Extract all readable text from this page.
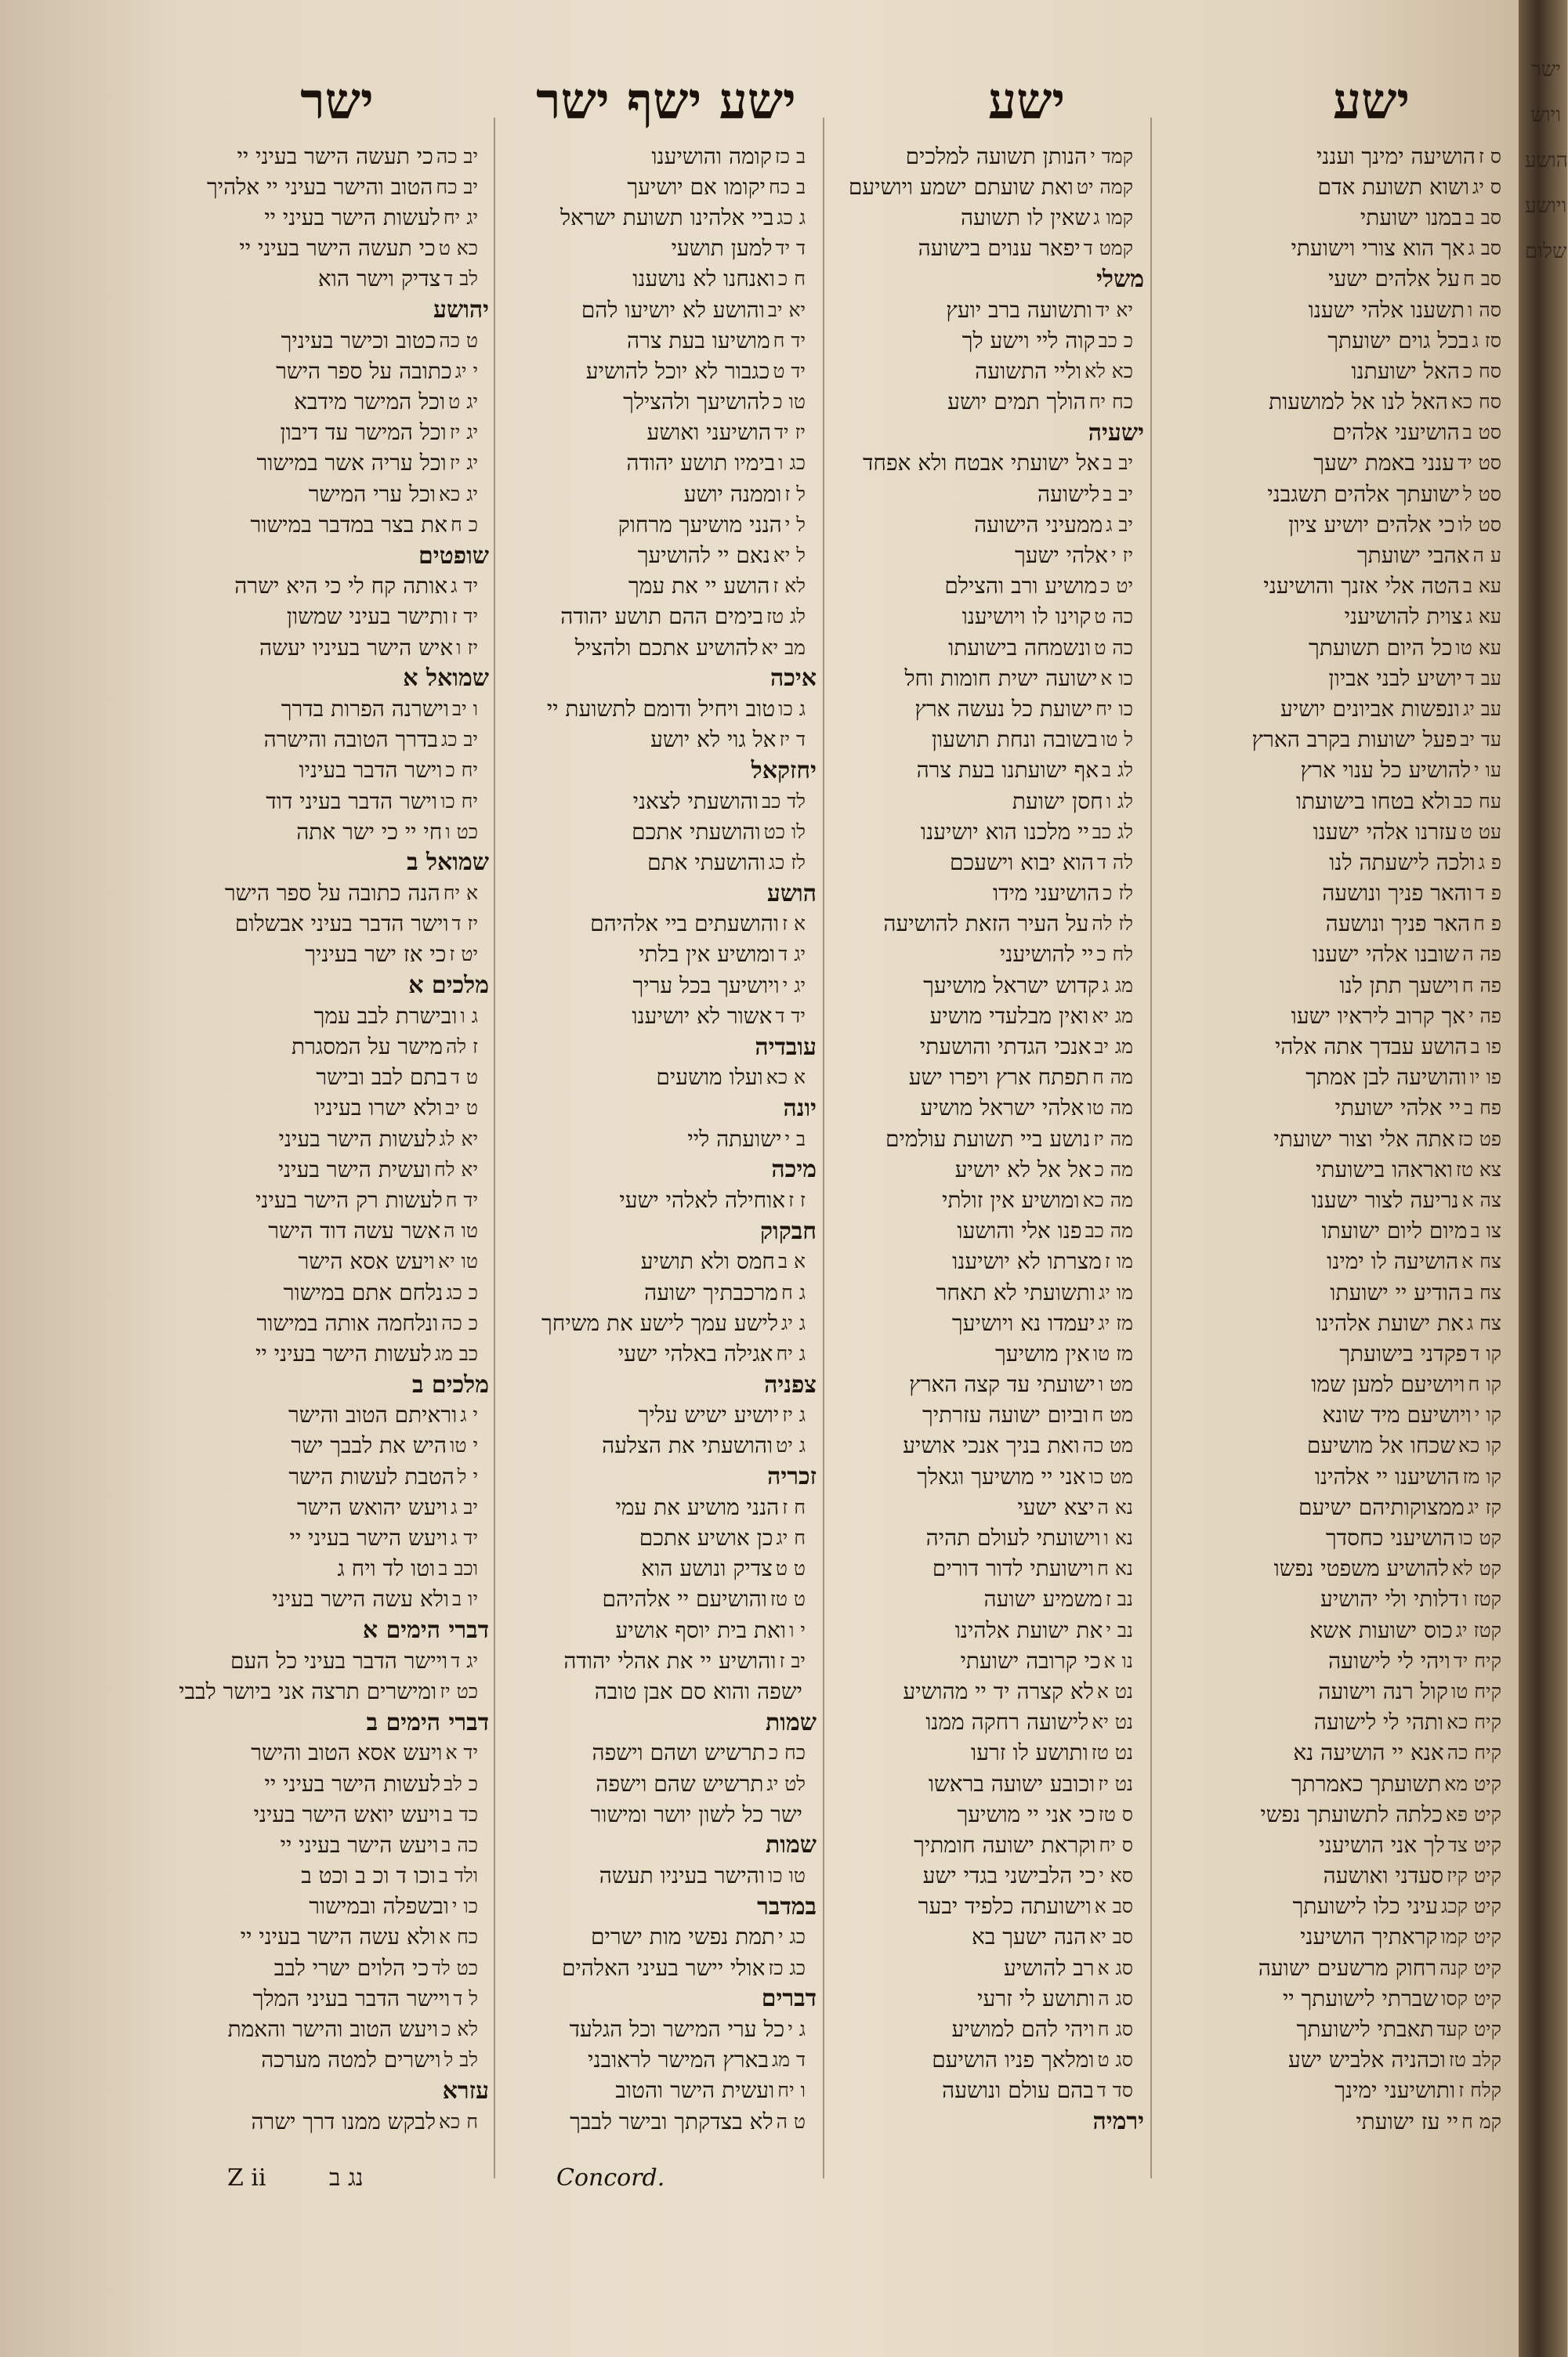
ישע
ישע
ישע ישף ישר
ישר
ס ז
הושיעה ימינך וענני
ס יג
ושוא תשועת אדם
סב ב
במנו ישועתי
סב ג
אך הוא צורי וישועתי
סב ח
על אלהים ישעי
סה ו
תשענו אלהי ישענו
סז ג
בכל גוים ישועתך
סח כ
האל ישועתנו
סח כא
האל לנו אל למושעות
סט ב
הושיעני אלהים
סט יד
ענני באמת ישעך
סט ל
ישועתך אלהים תשגבני
סט לו
כי אלהים יושיע ציון
ע ה
אהבי ישועתך
עא ב
הטה אלי אזנך והושיעני
עא ג
צוית להושיעני
עא טו
כל היום תשועתך
עב ד
יושיע לבני אביון
עב יג
ונפשות אביונים יושיע
עד יב
פעל ישועות בקרב הארץ
עו י
להושיע כל ענוי ארץ
עח כב
ולא בטחו בישועתו
עט ט
עזרנו אלהי ישענו
פ ג
ולכה לישעתה לנו
פ ד
והאר פניך ונושעה
פ ח
האר פניך ונושעה
פה ה
שובנו אלהי ישענו
פה ח
וישעך תתן לנו
פה י
אך קרוב ליראיו ישעו
פו ב
הושע עבדך אתה אלהי
פו יו
והושיעה לבן אמתך
פח ב
יי אלהי ישועתי
פט כז
אתה אלי וצור ישועתי
צא טז
ואראהו בישועתי
צה א
נריעה לצור ישענו
צו ב
מיום ליום ישועתו
צח א
הושיעה לו ימינו
צח ב
הודיע יי ישועתו
צח ג
את ישועת אלהינו
קו ד
פקדני בישועתך
קו ח
ויושיעם למען שמו
קו י
ויושיעם מיד שונא
קו כא
שכחו אל מושיעם
קו מז
הושיענו יי אלהינו
קז יג
ממצוקותיהם ישיעם
קט כו
הושיעני כחסדך
קט לא
להושיע משפטי נפשו
קטז ו
דלותי ולי יהושיע
קטז יג
כוס ישועות אשא
קיח יד
ויהי לי לישועה
קיח טו
קול רנה וישועה
קיח כא
ותהי לי לישועה
קיח כה
אנא יי הושיעה נא
קיט מא
תשועתך כאמרתך
קיט פא
כלתה לתשועתך נפשי
קיט צד
לך אני הושיעני
קיט קיז
סעדני ואושעה
קיט קכג
עיני כלו לישועתך
קיט קמו
קראתיך הושיעני
קיט קנה
רחוק מרשעים ישועה
קיט קסו
שברתי לישועתך יי
קיט קעד
תאבתי לישועתך
קלב טז
וכהניה אלביש ישע
קלח ז
ותושיעני ימינך
קמ ח
יי עז ישועתי
קמד י
הנותן תשועה למלכים
קמה יט
ואת שועתם ישמע ויושיעם
קמו ג
שאין לו תשועה
קמט ד
יפאר ענוים בישועה
משלי
יא יד
ותשועה ברב יועץ
כ כב
קוה ליי וישע לך
כא לא
וליי התשועה
כח יח
הולך תמים יושע
ישעיה
יב ב
אל ישועתי אבטח ולא אפחד
יב ב
לישועה
יב ג
ממעיני הישועה
יז י
אלהי ישעך
יט כ
מושיע ורב והצילם
כה ט
קוינו לו ויושיענו
כה ט
ונשמחה בישועתו
כו א
ישועה ישית חומות וחל
כו יח
ישועת כל נעשה ארץ
ל טו
בשובה ונחת תושעון
לג ב
אף ישועתנו בעת צרה
לג ו
חסן ישועת
לג כב
יי מלכנו הוא יושיענו
לה ד
הוא יבוא וישעכם
לז כ
הושיעני מידו
לז לה
על העיר הזאת להושיעה
לח כ
יי להושיעני
מג ג
קדוש ישראל מושיעך
מג יא
ואין מבלעדי מושיע
מג יב
אנכי הגדתי והושעתי
מה ח
תפתח ארץ ויפרו ישע
מה טו
אלהי ישראל מושיע
מה יז
נושע ביי תשועת עולמים
מה כ
אל אל לא יושיע
מה כא
ומושיע אין זולתי
מה כב
פנו אלי והושעו
מו ז
מצרתו לא יושיענו
מו יג
ותשועתי לא תאחר
מז יג
יעמדו נא ויושיעך
מז טו
אין מושיעך
מט ו
ישועתי עד קצה הארץ
מט ח
וביום ישועה עזרתיך
מט כה
ואת בניך אנכי אושיע
מט כו
אני יי מושיעך וגאלך
נא ה
יצא ישעי
נא ו
וישועתי לעולם תהיה
נא ח
וישועתי לדור דורים
נב ז
משמיע ישועה
נב י
את ישועת אלהינו
נו א
כי קרובה ישועתי
נט א
לא קצרה יד יי מהושיע
נט יא
לישועה רחקה ממנו
נט טז
ותושע לו זרעו
נט יז
וכובע ישועה בראשו
ס טז
כי אני יי מושיעך
ס יח
וקראת ישועה חומתיך
סא י
כי הלבישני בגדי ישע
סב א
וישועתה כלפיד יבער
סב יא
הנה ישעך בא
סג א
רב להושיע
סג ה
ותושע לי זרעי
סג ח
ויהי להם למושיע
סג ט
ומלאך פניו הושיעם
סד ד
בהם עולם ונושעה
ירמיה
ב כז
קומה והושיענו
ב כח
יקומו אם יושיעך
ג כג
ביי אלהינו תשועת ישראל
ד יד
למען תושעי
ח כ
ואנחנו לא נושענו
יא יב
והושע לא יושיעו להם
יד ח
מושיעו בעת צרה
יד ט
כגבור לא יוכל להושיע
טו כ
להושיעך ולהצילך
יז יד
הושיעני ואושע
כג ו
בימיו תושע יהודה
ל ז
וממנה יושע
ל י
הנני מושיעך מרחוק
ל יא
נאם יי להושיעך
לא ז
הושע יי את עמך
לג טז
בימים ההם תושע יהודה
מב יא
להושיע אתכם ולהציל
איכה
ג כו
טוב ויחיל ודומם לתשועת יי
ד יז
אל גוי לא יושע
יחזקאל
לד כב
והושעתי לצאני
לו כט
והושעתי אתכם
לז כג
והושעתי אתם
הושע
א ז
והושעתים ביי אלהיהם
יג ד
ומושיע אין בלתי
יג י
ויושיעך בכל עריך
יד ד
אשור לא יושיענו
עובדיה
א כא
ועלו מושעים
יונה
ב י
ישועתה ליי
מיכה
ז ז
אוחילה לאלהי ישעי
חבקוק
א ב
חמס ולא תושיע
ג ח
מרכבתיך ישועה
ג יג
לישע עמך לישע את משיחך
ג יח
אגילה באלהי ישעי
צפניה
ג יז
יושיע ישיש עליך
ג יט
והושעתי את הצלעה
זכריה
ח ז
הנני מושיע את עמי
ח יג
כן אושיע אתכם
ט ט
צדיק ונושע הוא
ט טז
והושיעם יי אלהיהם
י ו
ואת בית יוסף אושיע
יב ז
והושיע יי את אהלי יהודה
ישפה והוא סם אבן טובה
שמות
כח כ
תרשיש ושהם וישפה
לט יג
תרשיש שהם וישפה
ישר כל לשון יושר ומישור
שמות
טו כו
והישר בעיניו תעשה
במדבר
כג י
תמת נפשי מות ישרים
כג כז
אולי יישר בעיני האלהים
דברים
ג י
כל ערי המישר וכל הגלעד
ד מג
בארץ המישר לראובני
ו יח
ועשית הישר והטוב
ט ה
לא בצדקתך ובישר לבבך
יב כה
כי תעשה הישר בעיני יי
יב כח
הטוב והישר בעיני יי אלהיך
יג יח
לעשות הישר בעיני יי
כא ט
כי תעשה הישר בעיני יי
לב ד
צדיק וישר הוא
יהושע
ט כה
כטוב וכישר בעיניך
י יג
כתובה על ספר הישר
יג ט
וכל המישר מידבא
יג יז
וכל המישר עד דיבון
יג יז
וכל עריה אשר במישור
יג כא
וכל ערי המישר
כ ח
את בצר במדבר במישור
שופטים
יד ג
אותה קח לי כי היא ישרה
יד ז
ותישר בעיני שמשון
יז ו
איש הישר בעיניו יעשה
שמואל א
ו יב
וישרנה הפרות בדרך
יב כג
בדרך הטובה והישרה
יח כ
וישר הדבר בעיניו
יח כו
וישר הדבר בעיני דוד
כט ו
חי יי כי ישר אתה
שמואל ב
א יח
הנה כתובה על ספר הישר
יז ד
וישר הדבר בעיני אבשלום
יט ז
כי אז ישר בעיניך
מלכים א
ג ו
ובישרת לבב עמך
ז לה
מישר על המסגרת
ט ד
בתם לבב ובישר
ט יב
ולא ישרו בעיניו
יא לג
לעשות הישר בעיני
יא לח
ועשית הישר בעיני
יד ח
לעשות רק הישר בעיני
טו ה
אשר עשה דוד הישר
טו יא
ויעש אסא הישר
כ כג
נלחם אתם במישור
כ כה
ונלחמה אותה במישור
כב מג
לעשות הישר בעיני יי
מלכים ב
י ג
וראיתם הטוב והישר
י טו
היש את לבבך ישר
י ל
הטבת לעשות הישר
יב ג
ויעש יהואש הישר
יד ג
ויעש הישר בעיני יי
וכב ב
וטו לד ויח ג
יו ב
ולא עשה הישר בעיני
דברי הימים א
יג ד
ויישר הדבר בעיני כל העם
כט יז
ומישרים תרצה אני ביושר לבבי
דברי הימים ב
יד א
ויעש אסא הטוב והישר
כ לב
לעשות הישר בעיני יי
כד ב
ויעש יואש הישר בעיני
כה ב
ויעש הישר בעיני יי
ולד ב
וכו ד וכ ב וכט ב
כו י
ובשפלה ובמישור
כח א
ולא עשה הישר בעיני יי
כט לד
כי הלוים ישרי לבב
ל ד
ויישר הדבר בעיני המלך
לא כ
ויעש הטוב והישר והאמת
לב ל
וישרים למטה מערכה
עזרא
ח כא
לבקש ממנו דרך ישרה
Z ii	נג ב	Concord.
ישר ויוש הושע ויושע שלום
